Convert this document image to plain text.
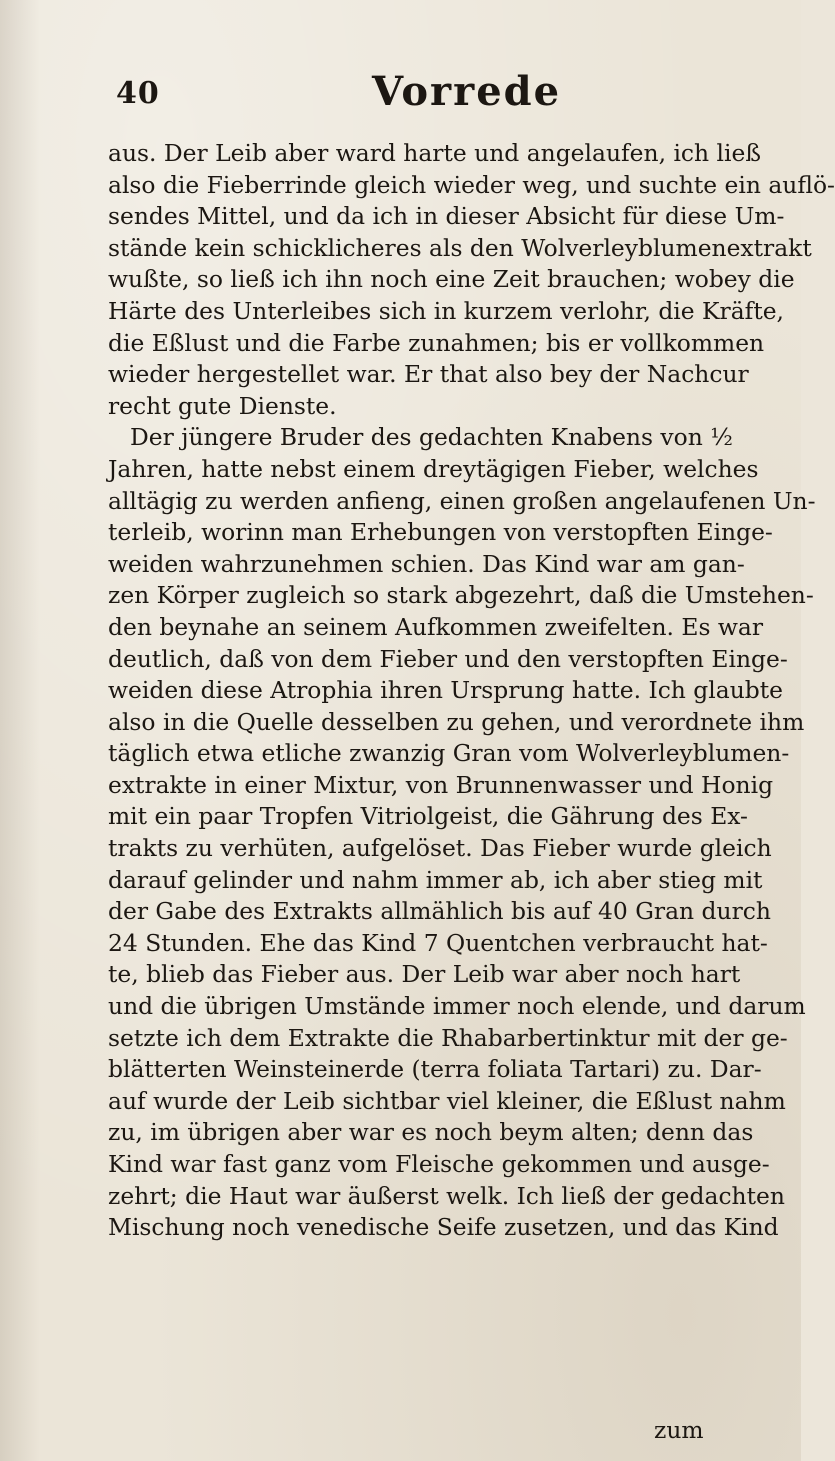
40	Vorrede
aus. Der Leib aber ward harte und angelaufen, ich ließ
also die Fieberrinde gleich wieder weg, und suchte ein auflö-
sendes Mittel, und da ich in dieser Absicht für diese Um-
stände kein schicklicheres als den Wolverleyblumenextrakt
wußte, so ließ ich ihn noch eine Zeit brauchen; wobey die
Härte des Unterleibes sich in kurzem verlohr, die Kräfte,
die Eßlust und die Farbe zunahmen; bis er vollkommen
wieder hergestellet war. Er that also bey der Nachcur
recht gute Dienste.
Der jüngere Bruder des gedachten Knabens von ½
Jahren, hatte nebst einem dreytägigen Fieber, welches
alltägig zu werden anfieng, einen großen angelaufenen Un-
terleib, worinn man Erhebungen von verstopften Einge-
weiden wahrzunehmen schien. Das Kind war am gan-
zen Körper zugleich so stark abgezehrt, daß die Umstehen-
den beynahe an seinem Aufkommen zweifelten. Es war
deutlich, daß von dem Fieber und den verstopften Einge-
weiden diese Atrophia ihren Ursprung hatte. Ich glaubte
also in die Quelle desselben zu gehen, und verordnete ihm
täglich etwa etliche zwanzig Gran vom Wolverleyblumen-
extrakte in einer Mixtur, von Brunnenwasser und Honig
mit ein paar Tropfen Vitriolgeist, die Gährung des Ex-
trakts zu verhüten, aufgelöset. Das Fieber wurde gleich
darauf gelinder und nahm immer ab, ich aber stieg mit
der Gabe des Extrakts allmählich bis auf 40 Gran durch
24 Stunden. Ehe das Kind 7 Quentchen verbraucht hat-
te, blieb das Fieber aus. Der Leib war aber noch hart
und die übrigen Umstände immer noch elende, und darum
setzte ich dem Extrakte die Rhabarbertinktur mit der ge-
blätterten Weinsteinerde (terra foliata Tartari) zu. Dar-
auf wurde der Leib sichtbar viel kleiner, die Eßlust nahm
zu, im übrigen aber war es noch beym alten; denn das
Kind war fast ganz vom Fleische gekommen und ausge-
zehrt; die Haut war äußerst welk. Ich ließ der gedachten
Mischung noch venedische Seife zusetzen, und das Kind
zum
